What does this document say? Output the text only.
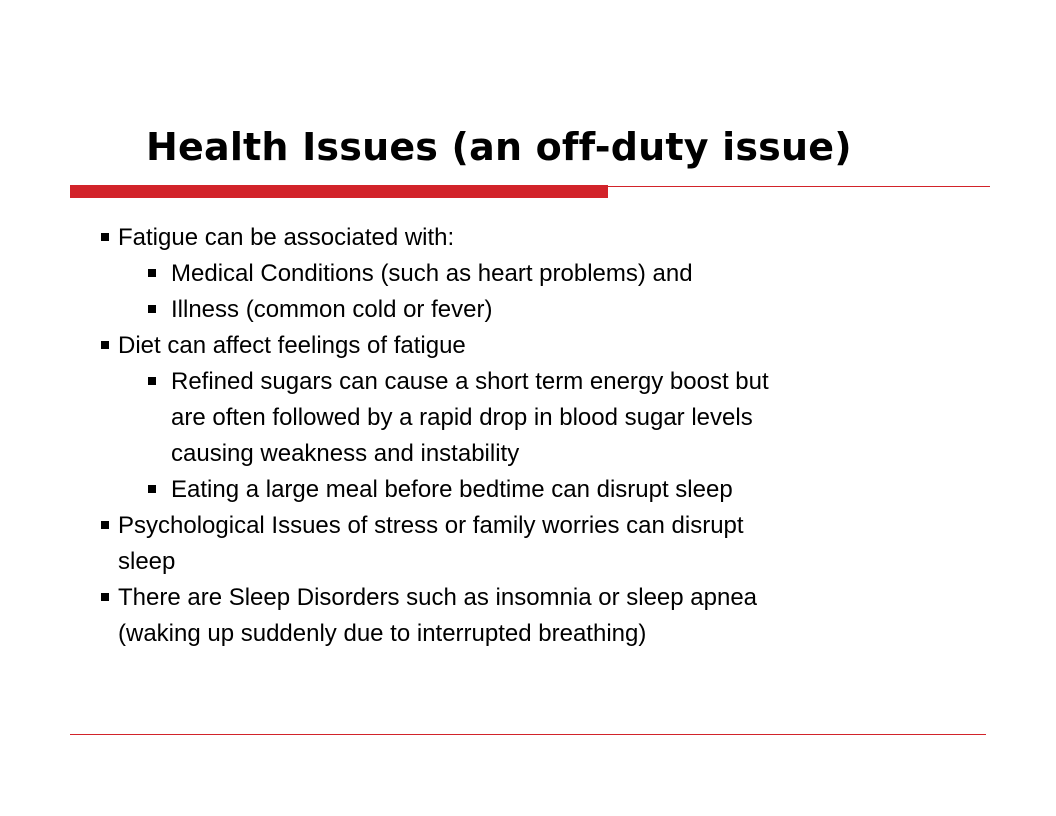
Health Issues (an off-duty issue)
Fatigue can be associated with:
Medical Conditions (such as heart problems) and
Illness (common cold or fever)
Diet can affect feelings of fatigue
Refined sugars can cause a short term energy boost but
are often followed by a rapid drop in blood sugar levels
causing weakness and instability
Eating a large meal before bedtime can disrupt sleep
Psychological Issues of stress or family worries can disrupt
sleep
There are Sleep Disorders such as insomnia or sleep apnea
(waking up suddenly due to interrupted breathing)
